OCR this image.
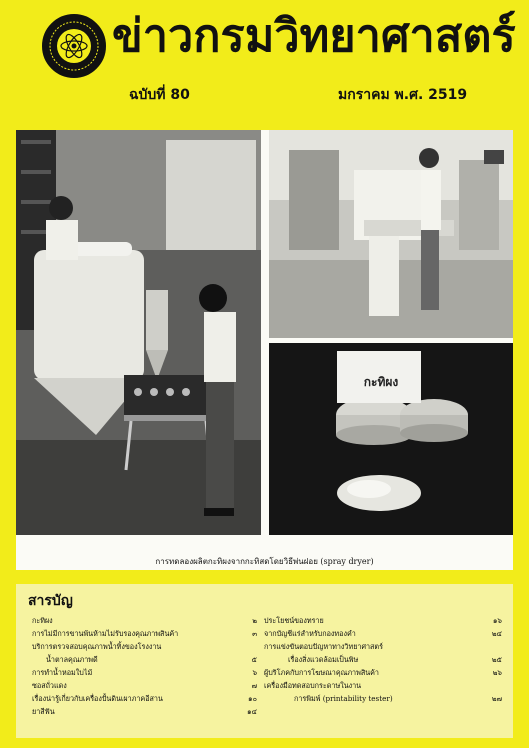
ข่าวกรมวิทยาศาสตร์
ฉบับที่ 80	มกราคม พ.ศ. 2519
กะทิผง
การทดลองผลิตกะทิผงจากกะทิสดโดยวิธีพ่นฝอย (spray dryer)
สารบัญ
กะทิผง	๒
การไม่มีการขานพ้นห้ามไม่รับรองคุณภาพสินค้า	๓
บริการตรวจสอบคุณภาพน้ำทิ้งของโรงงาน
น้ำตาลคุณภาพดี	๕
การทำน้ำหอมใบไม้	๖
ซอสถั่วแดง	๗
เรื่องน่ารู้เกี่ยวกับเครื่องปั้นดินเผาภาคอีสาน	๑๐
ยาสีฟัน	๑๔
ประโยชน์ของทราย	๑๖
จากบัญชีแร่สำหรับกองทองคำ	๒๔
การแข่งขันตอบปัญหาทางวิทยาศาสตร์
เรื่องสิ่งแวดล้อมเป็นพิษ	๒๕
ผู้บริโภคกับการโฆษณาคุณภาพสินค้า	๒๖
เครื่องมือทดสอบกระดาษในงาน
การพิมพ์ (printability tester)	๒๗
